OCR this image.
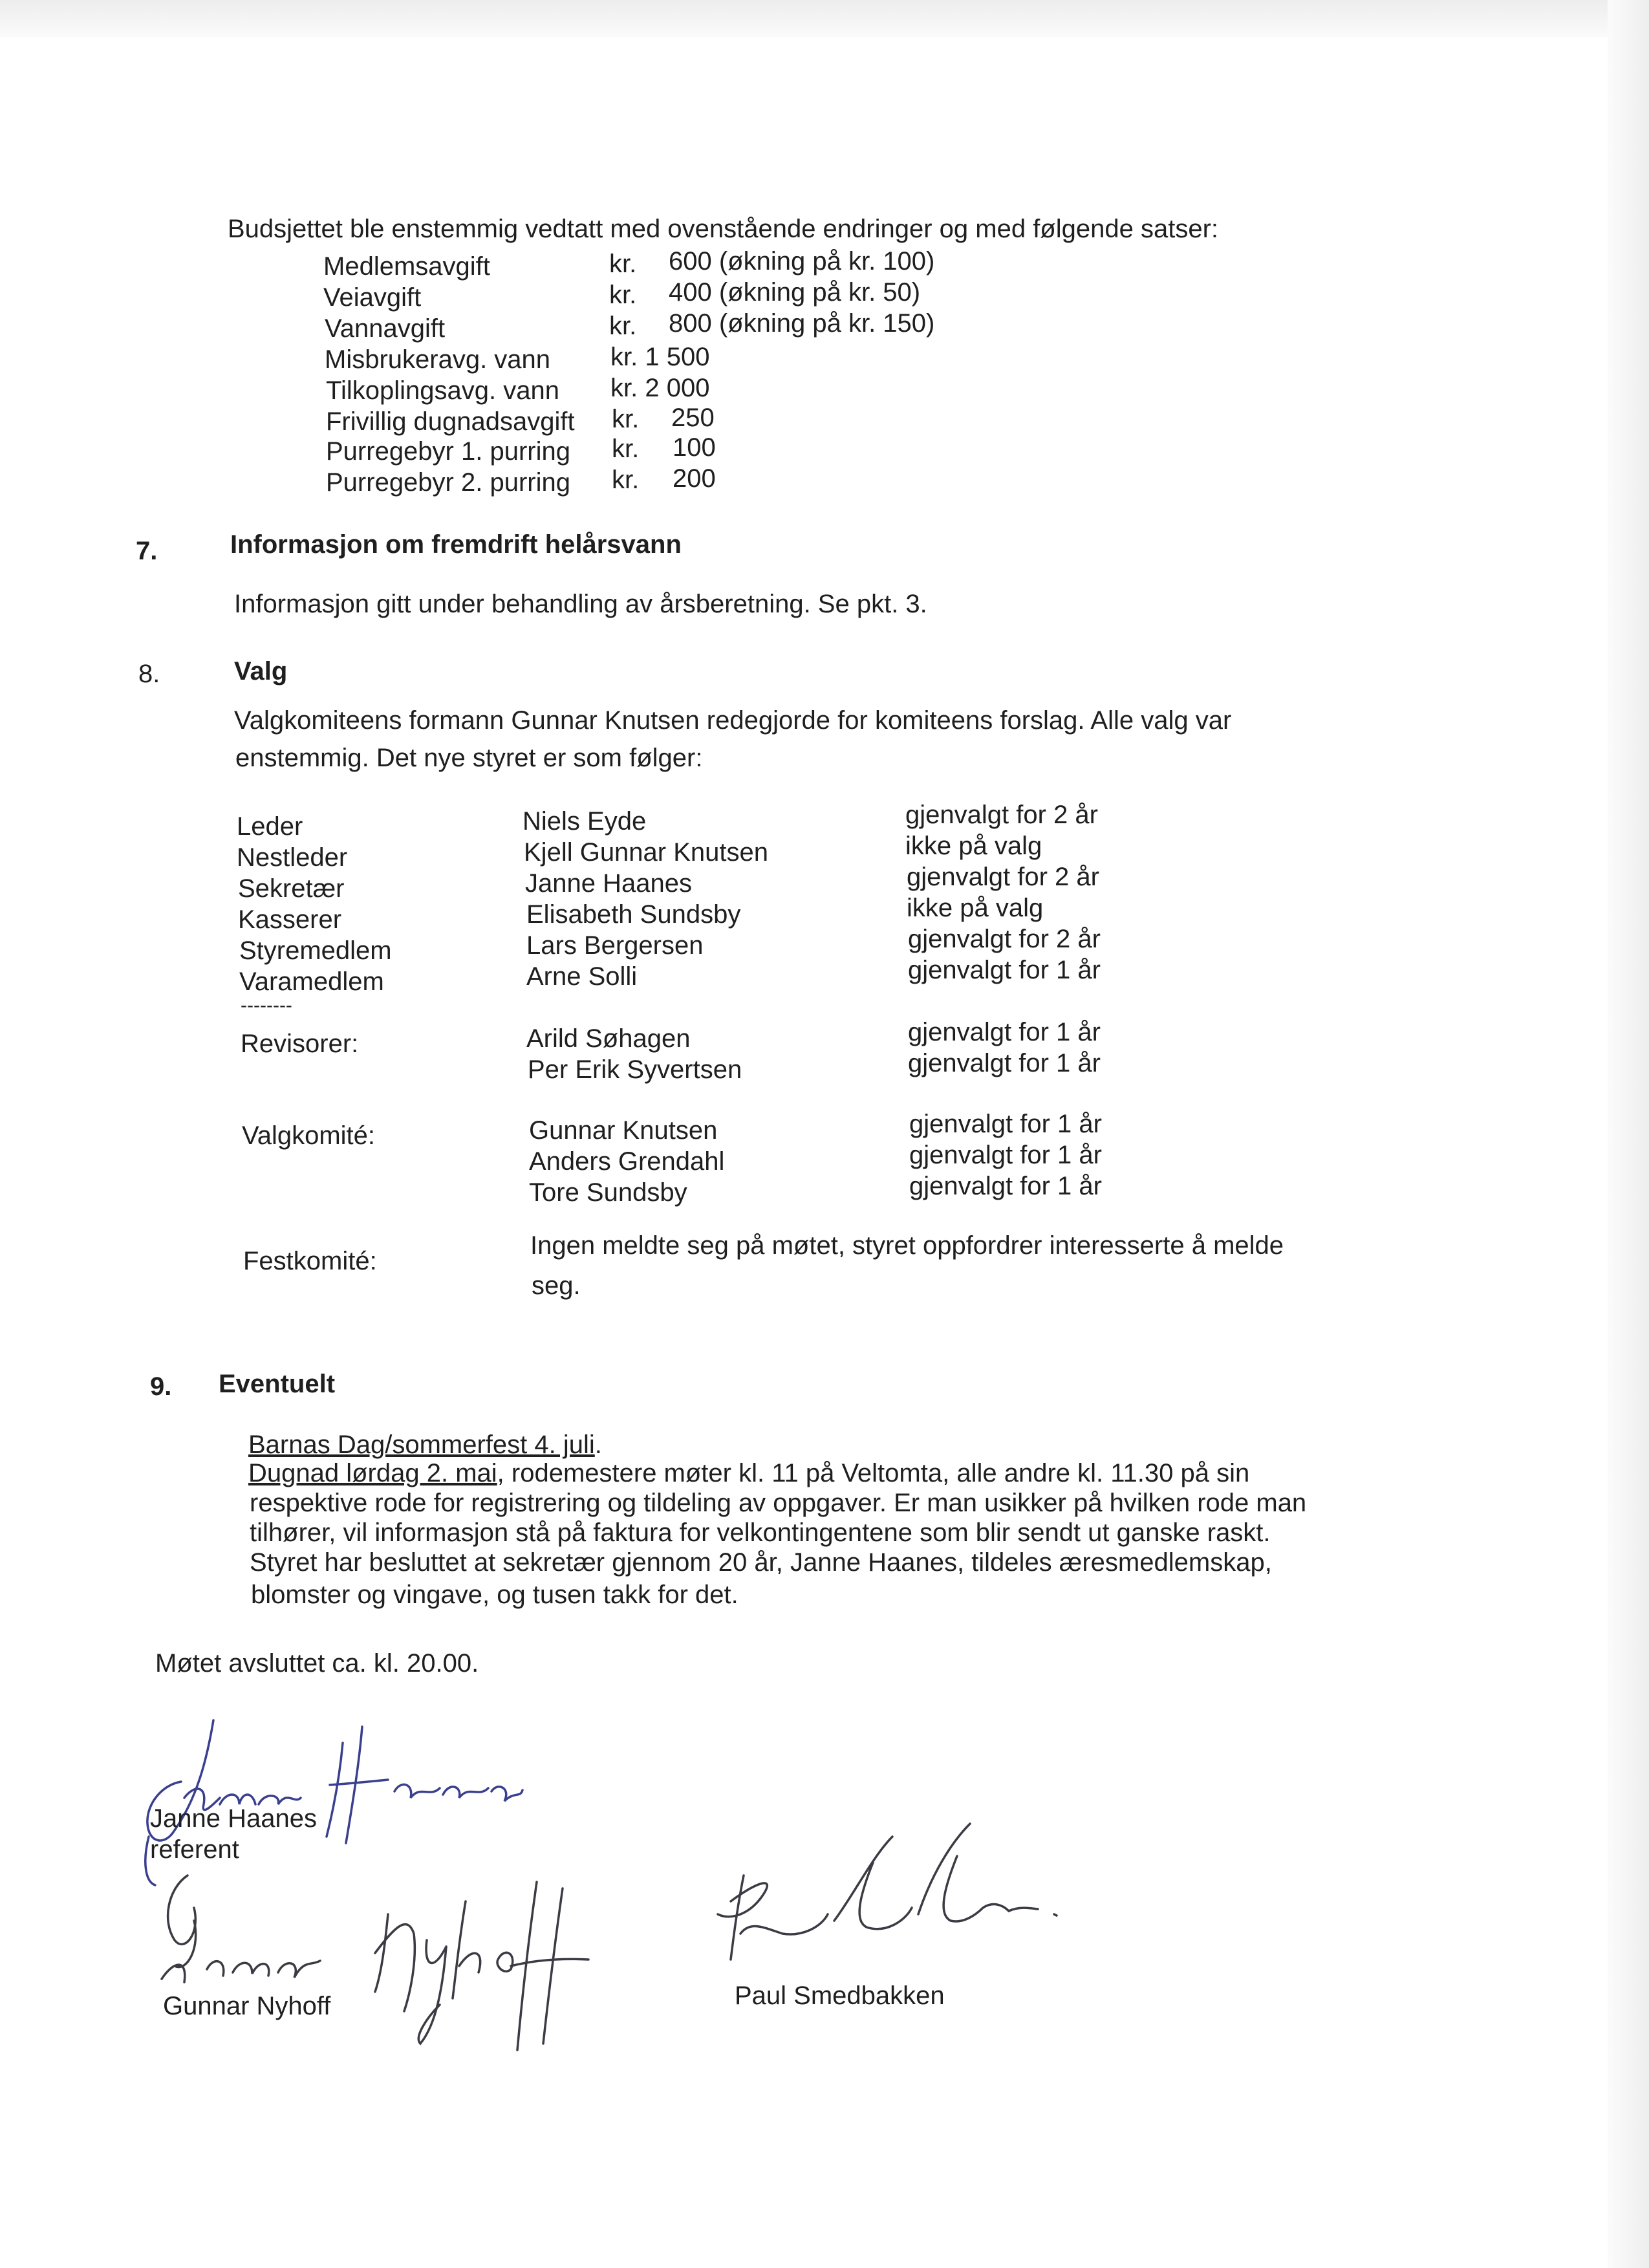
Budsjettet ble enstemmig vedtatt med ovenstående endringer og med følgende satser:
Medlemsavgift	kr. 600 (økning på kr. 100)
Veiavgift	kr. 400 (økning på kr. 50)
Vannavgift	kr. 800 (økning på kr. 150)
Misbrukeravg. vann kr. 1 500
Tilkoplingsavg. vann kr. 2 000
Frivillig dugnadsavgift kr. 250
Purregebyr 1. purring kr. 100
Purregebyr 2. purring kr. 200
7.	Informasjon om fremdrift helårsvann
Informasjon gitt under behandling av årsberetning. Se pkt. 3.
8.	Valg
Valgkomiteens formann Gunnar Knutsen redegjorde for komiteens forslag. Alle valg var
enstemmig. Det nye styret er som følger:
Leder	Niels Eyde	gjenvalgt for 2 år
Nestleder	Kjell Gunnar Knutsen	ikke på valg
Sekretær	Janne Haanes	gjenvalgt for 2 år
Kasserer	Elisabeth Sundsby	ikke på valg
Styremedlem	Lars Bergersen	gjenvalgt for 2 år
Varamedlem	Arne Solli	gjenvalgt for 1 år
--------
Revisorer:	Arild Søhagen	gjenvalgt for 1 år
Per Erik Syvertsen	gjenvalgt for 1 år
Valgkomité:	Gunnar Knutsen	gjenvalgt for 1 år
Anders Grendahl	gjenvalgt for 1 år
Tore Sundsby	gjenvalgt for 1 år
Festkomité:
Ingen meldte seg på møtet, styret oppfordrer interesserte å melde
seg.
9. Eventuelt
Barnas Dag/sommerfest 4. juli.
Dugnad lørdag 2. mai, rodemestere møter kl. 11 på Veltomta, alle andre kl. 11.30 på sin
respektive rode for registrering og tildeling av oppgaver. Er man usikker på hvilken rode man
tilhører, vil informasjon stå på faktura for velkontingentene som blir sendt ut ganske raskt.
Styret har besluttet at sekretær gjennom 20 år, Janne Haanes, tildeles æresmedlemskap,
blomster og vingave, og tusen takk for det.
Møtet avsluttet ca. kl. 20.00.
Janne Haanes
referent
Gunnar Nyhoff	Paul Smedbakken
